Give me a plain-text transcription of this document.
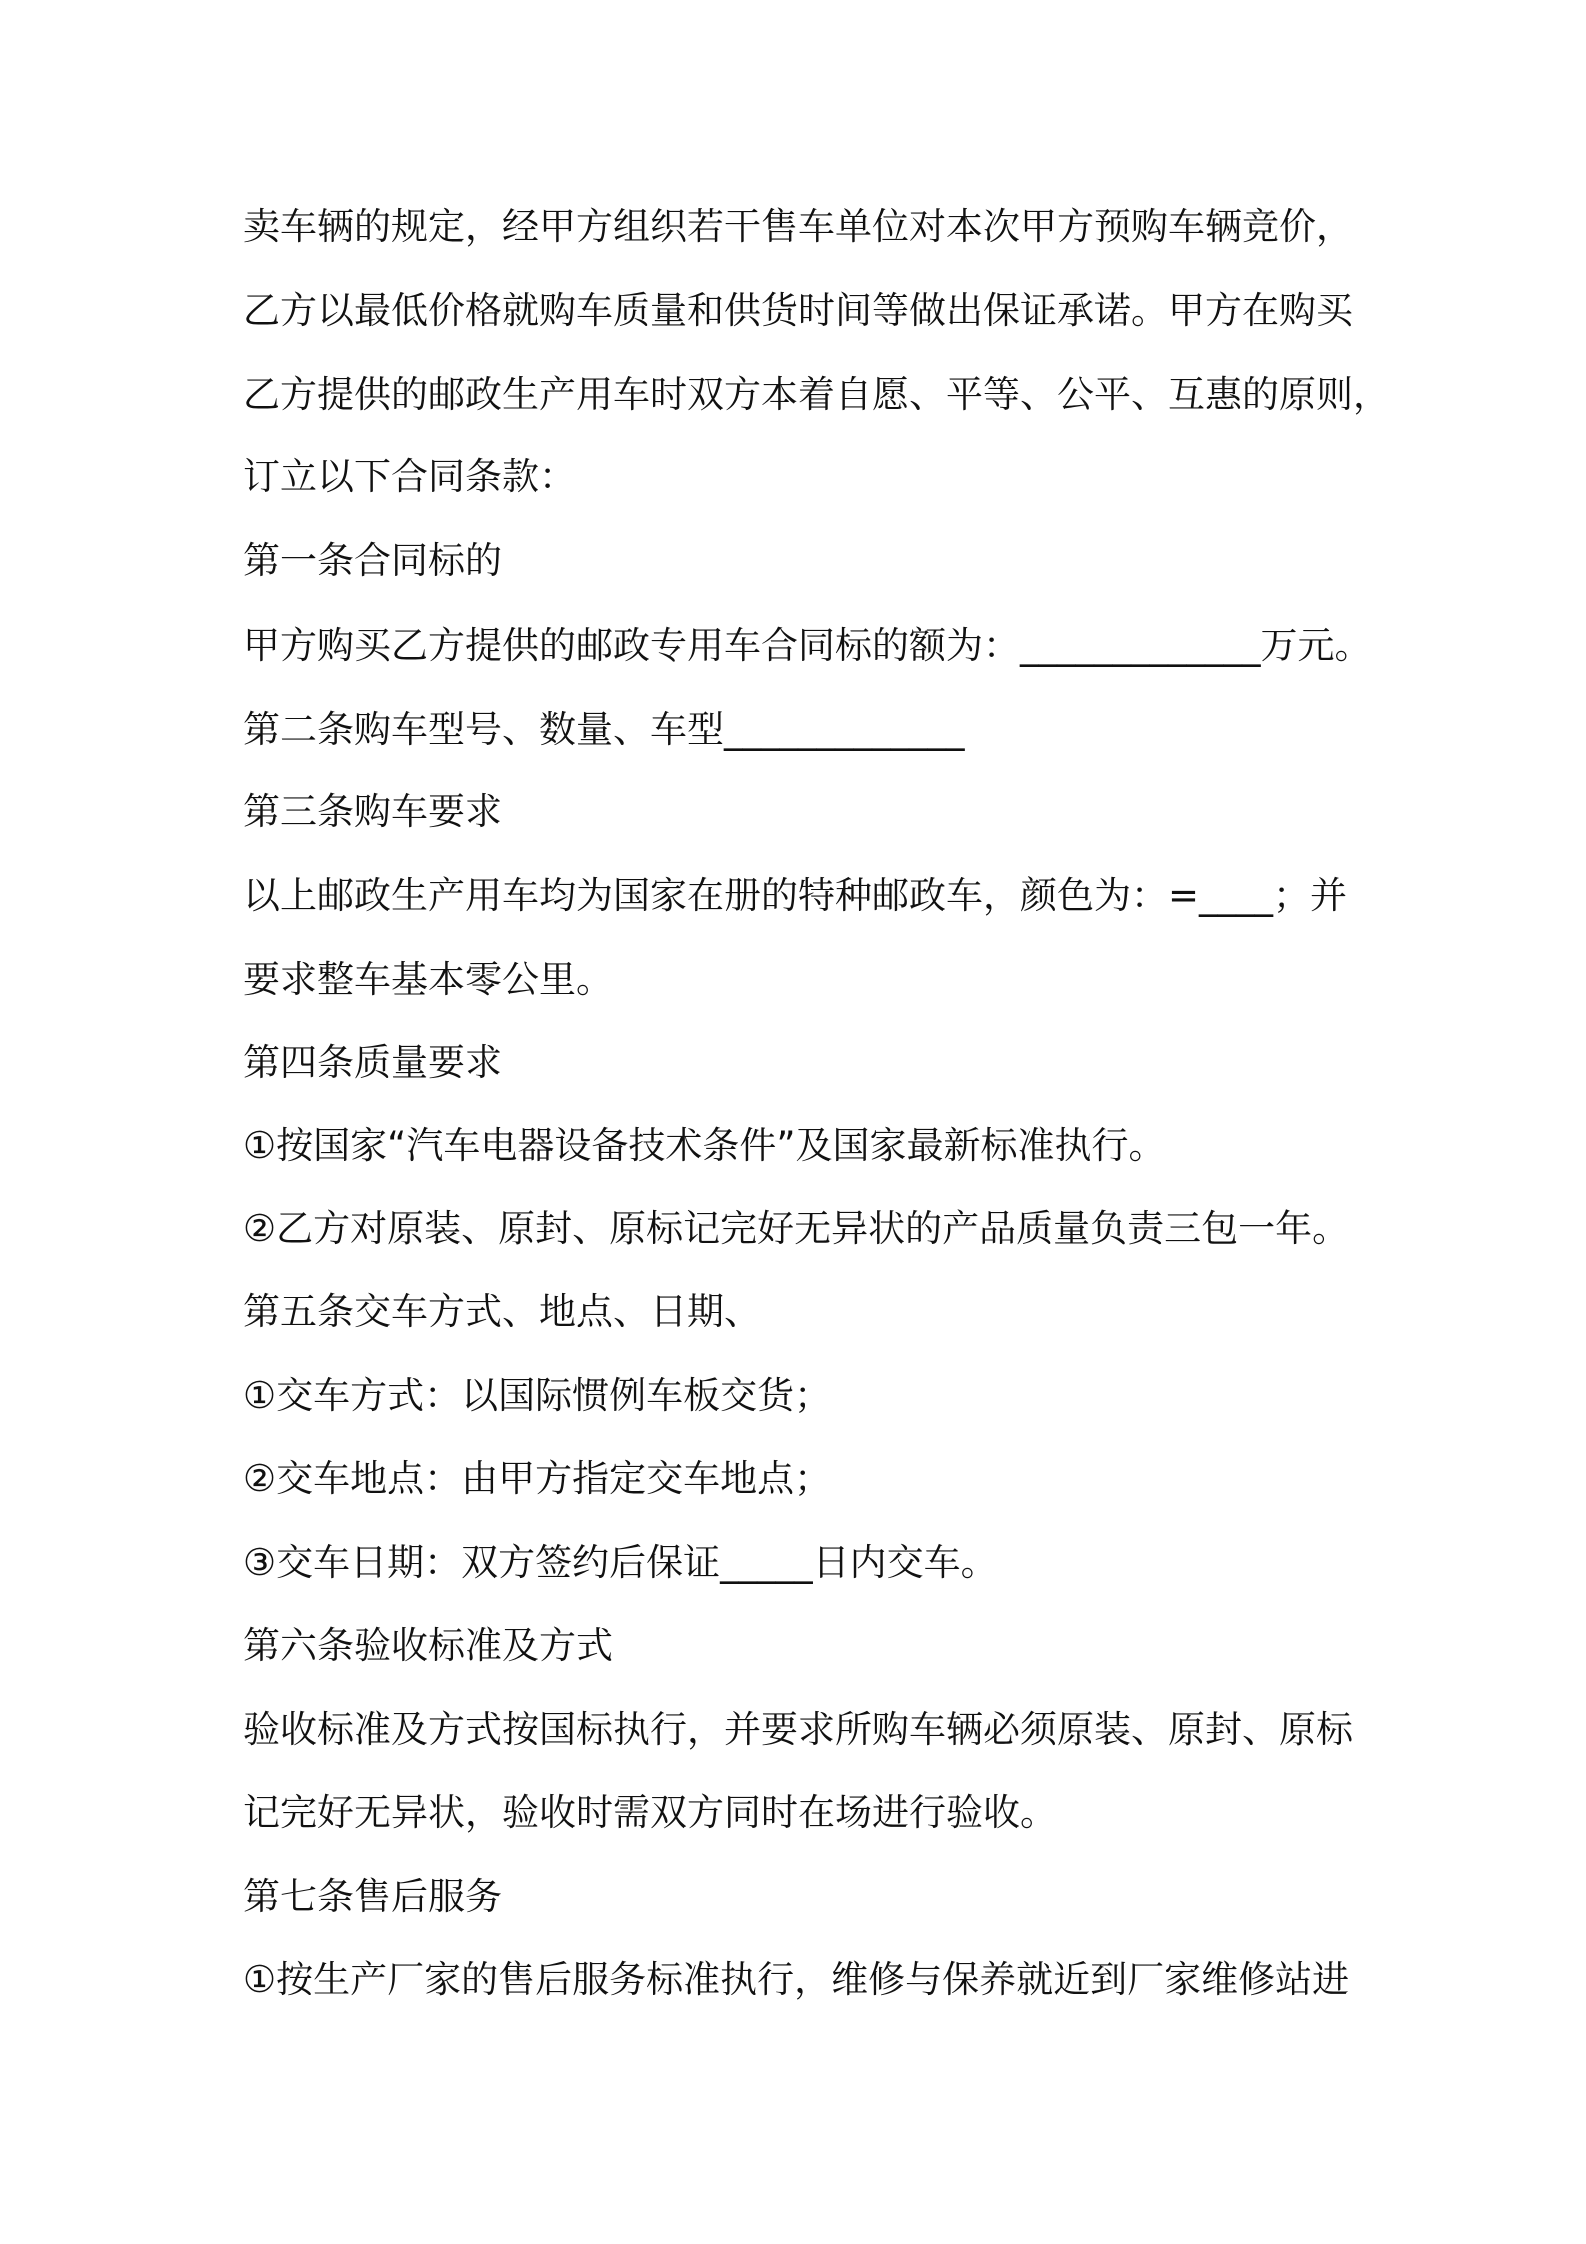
卖车辆的规定，经甲方组织若干售车单位对本次甲方预购车辆竞价，

乙方以最低价格就购车质量和供货时间等做出保证承诺。甲方在购买

乙方提供的邮政生产用车时双方本着自愿、平等、公平、互惠的原则，

订立以下合同条款：

第一条合同标的

甲方购买乙方提供的邮政专用车合同标的额为：_____________万元。

第二条购车型号、数量、车型_____________

第三条购车要求

以上邮政生产用车均为国家在册的特种邮政车，颜色为：=____；并

要求整车基本零公里。

第四条质量要求

①按国家“汽车电器设备技术条件”及国家最新标准执行。

②乙方对原装、原封、原标记完好无异状的产品质量负责三包一年。

第五条交车方式、地点、日期、

①交车方式：以国际惯例车板交货；

②交车地点：由甲方指定交车地点；

③交车日期：双方签约后保证_____日内交车。

第六条验收标准及方式

验收标准及方式按国标执行，并要求所购车辆必须原装、原封、原标

记完好无异状，验收时需双方同时在场进行验收。

第七条售后服务

①按生产厂家的售后服务标准执行，维修与保养就近到厂家维修站进
